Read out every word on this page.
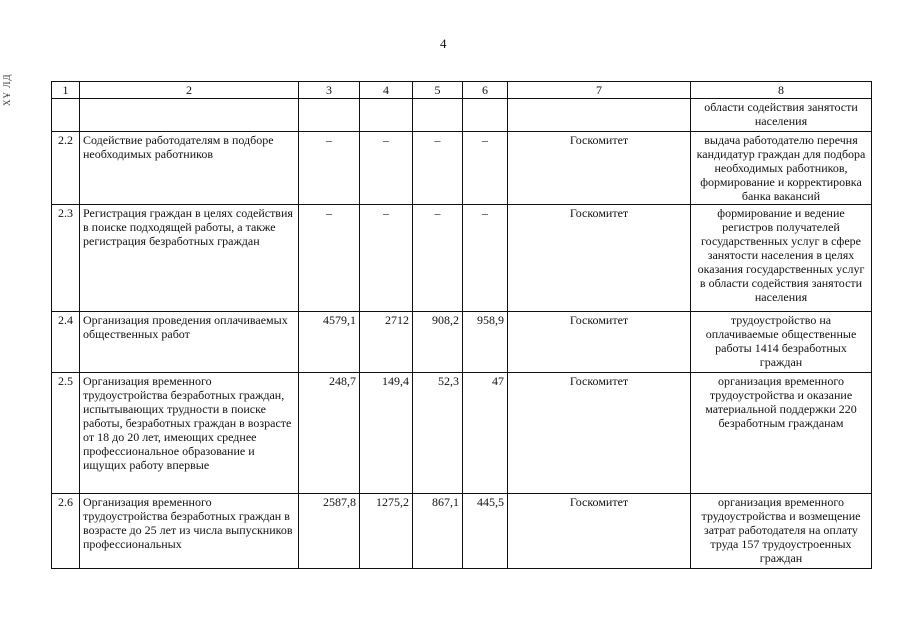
4
ХҰ ЛД	1	2	3	4	5	6	7	8
							области содействия занятости населения
2.2	Содействие работодателям в подборе необходимых работников	–	–	–	–	Госкомитет	выдача работодателю перечня кандидатур граждан для подбора необходимых работников, формирование и корректировка банка вакансий
2.3	Регистрация граждан в целях содействия в поиске подходящей работы, а также регистрация безработных граждан	–	–	–	–	Госкомитет	формирование и ведение регистров получателей государственных услуг в сфере занятости населения в целях оказания государственных услуг в области содействия занятости населения
2.4	Организация проведения оплачиваемых общественных работ	4579,1	2712	908,2	958,9	Госкомитет	трудоустройство на оплачиваемые общественные работы 1414 безработных граждан
2.5	Организация временного трудоустройства безработных граждан, испытывающих трудности в поиске работы, безработных граждан в возрасте от 18 до 20 лет, имеющих среднее профессиональное образование и ищущих работу впервые	248,7	149,4	52,3	47	Госкомитет	организация временного трудоустройства и оказание материальной поддержки 220 безработным гражданам
2.6	Организация временного трудоустройства безработных граждан в возрасте до 25 лет из числа выпускников профессиональных	2587,8	1275,2	867,1	445,5	Госкомитет	организация временного трудоустройства и возмещение затрат работодателя на оплату труда 157 трудоустроенных граждан
